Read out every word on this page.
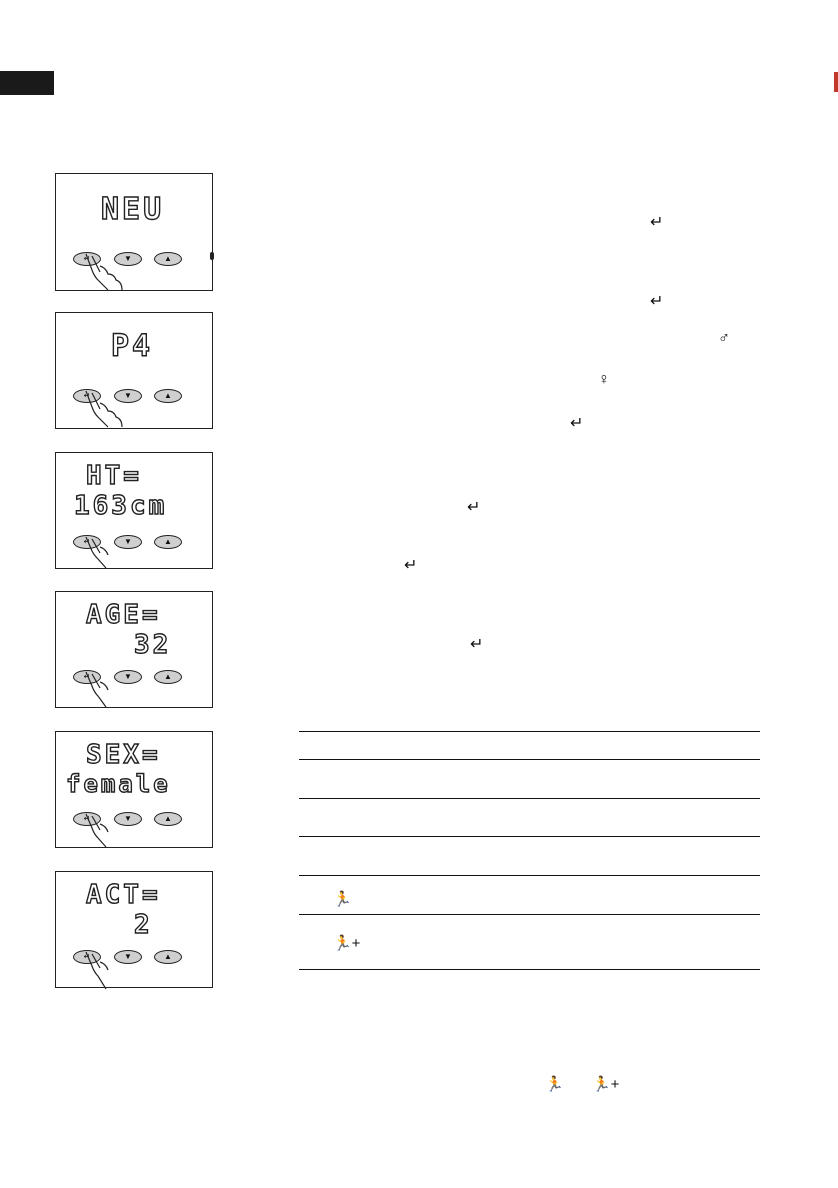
NEU
↵	▼	▲
P4
↵	▼	▲
HT=
163cm
↵	▼	▲
AGE=
32
↵	▼	▲
SEX=
female
↵	▼	▲
ACT=
2
↵	▼	▲
↵
↵
♂
♀
↵
↵
↵
↵
🏃
🏃+
🏃 🏃+
